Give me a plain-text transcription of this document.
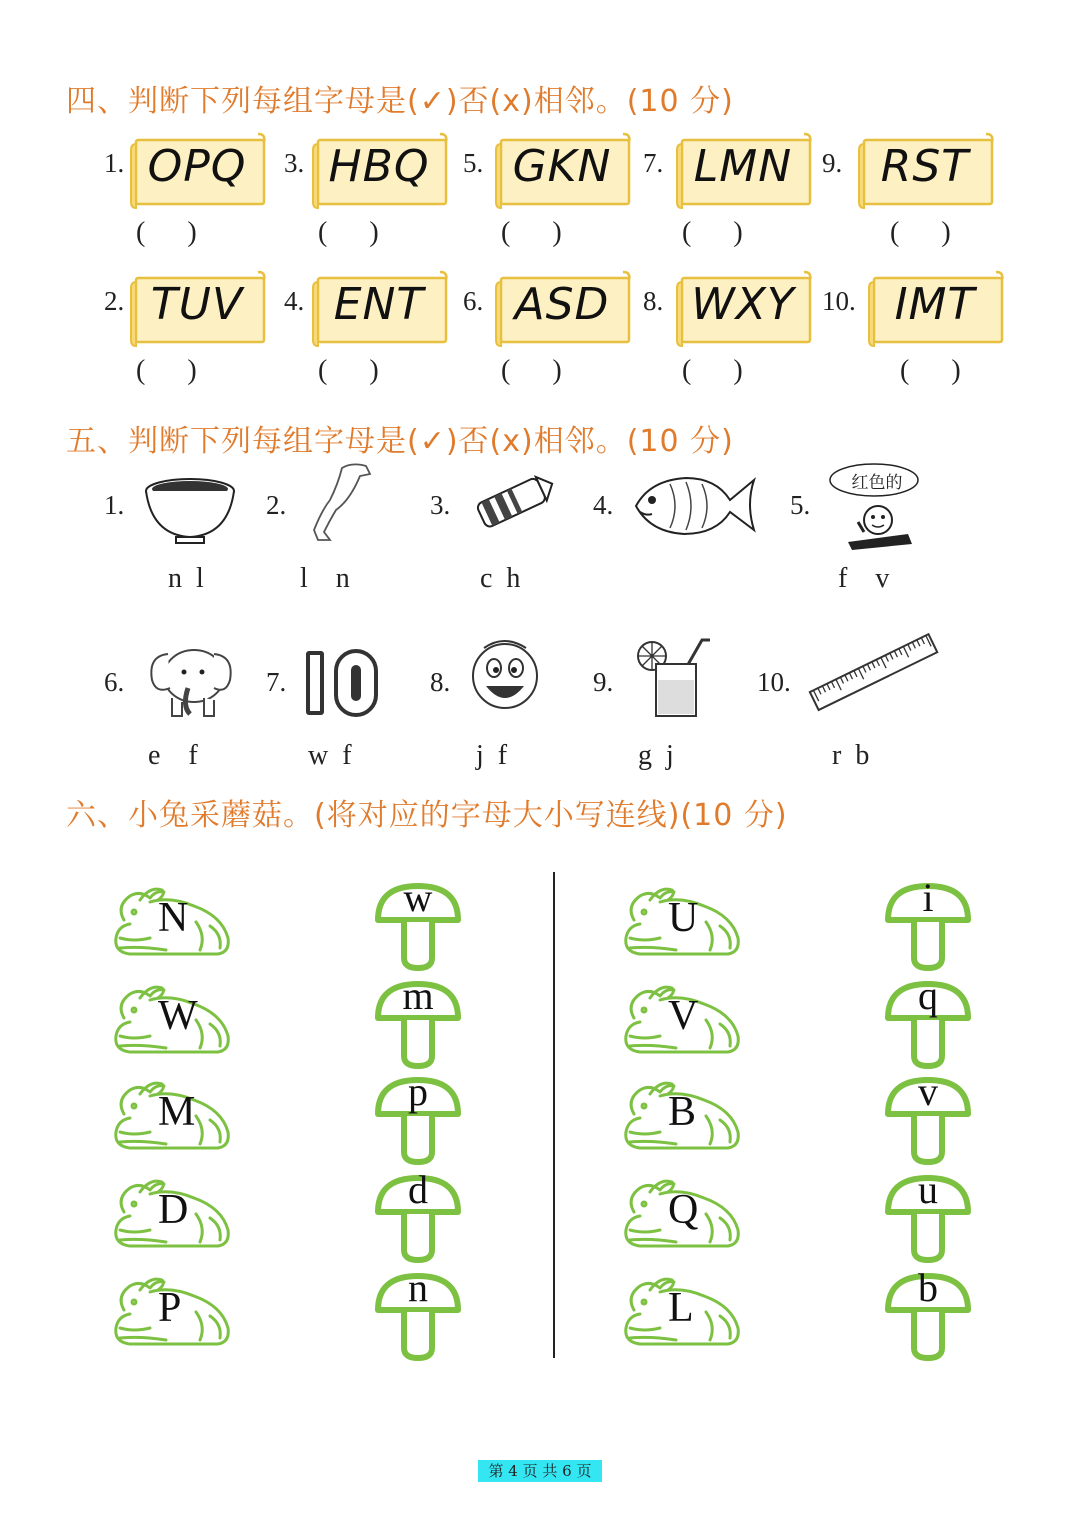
四、判断下列每组字母是(✓)否(x)相邻。(10 分)
1. OPQ
(      )
3. HBQ
(      )
5. GKN
(      )
7. LMN
(      )
9. RST
(      )
2. TUV
(      )
4. ENT
(      )
6. ASD
(      )
8. WXY
(      )
10. IMT
(      )
五、判断下列每组字母是(✓)否(x)相邻。(10 分)
1.
n  l
2.
l    n
3.
c  h
4.	5.
红色的
f    v
6.
e    f
7.
w  f
8.
j  f
9.
g  j
10.
r  b
六、小兔采蘑菇。(将对应的字母大小写连线)(10 分)
N
W
M
D
P
w
m
p
d
n
U
V
B
Q
L
i
q
v
u
b
第 4 页 共 6 页
